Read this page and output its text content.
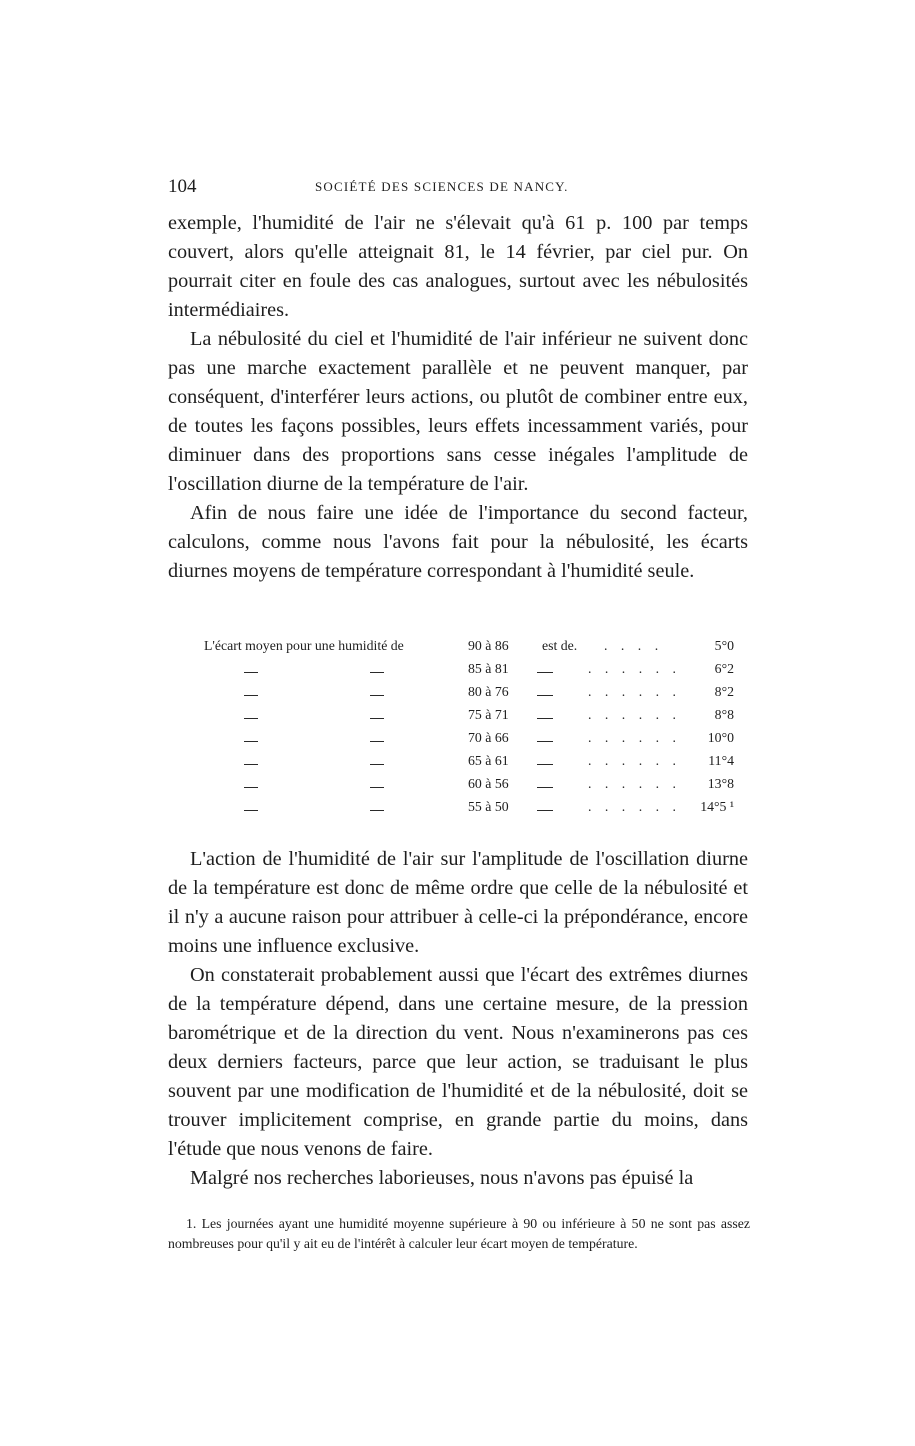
104	SOCIÉTÉ DES SCIENCES DE NANCY.

exemple, l'humidité de l'air ne s'élevait qu'à 61 p. 100 par temps couvert, alors qu'elle atteignait 81, le 14 février, par ciel pur. On pourrait citer en foule des cas analogues, surtout avec les nébulosités intermédiaires.

La nébulosité du ciel et l'humidité de l'air inférieur ne suivent donc pas une marche exactement parallèle et ne peuvent manquer, par conséquent, d'interférer leurs actions, ou plutôt de combiner entre eux, de toutes les façons possibles, leurs effets incessamment variés, pour diminuer dans des proportions sans cesse inégales l'amplitude de l'oscillation diurne de la température de l'air.

Afin de nous faire une idée de l'importance du second facteur, calculons, comme nous l'avons fait pour la nébulosité, les écarts diurnes moyens de température correspondant à l'humidité seule.

L'écart moyen pour une humidité de	90 à 86 est de. . . . .	5°0
85 à 81	. . . . . . 6°2
80 à 76	. . . . . . 8°2
75 à 71	. . . . . . 8°8
70 à 66	. . . . . . 10°0
65 à 61	. . . . . . 11°4
60 à 56	. . . . . . 13°8
55 à 50	. . . . . . 14°5 ¹

L'action de l'humidité de l'air sur l'amplitude de l'oscillation diurne de la température est donc de même ordre que celle de la nébulosité et il n'y a aucune raison pour attribuer à celle-ci la prépondérance, encore moins une influence exclusive.

On constaterait probablement aussi que l'écart des extrêmes diurnes de la température dépend, dans une certaine mesure, de la pression barométrique et de la direction du vent. Nous n'examinerons pas ces deux derniers facteurs, parce que leur action, se traduisant le plus souvent par une modification de l'humidité et de la nébulosité, doit se trouver implicitement comprise, en grande partie du moins, dans l'étude que nous venons de faire.

Malgré nos recherches laborieuses, nous n'avons pas épuisé la

1. Les journées ayant une humidité moyenne supérieure à 90 ou inférieure à 50 ne sont pas assez nombreuses pour qu'il y ait eu de l'intérêt à calculer leur écart moyen de température.
